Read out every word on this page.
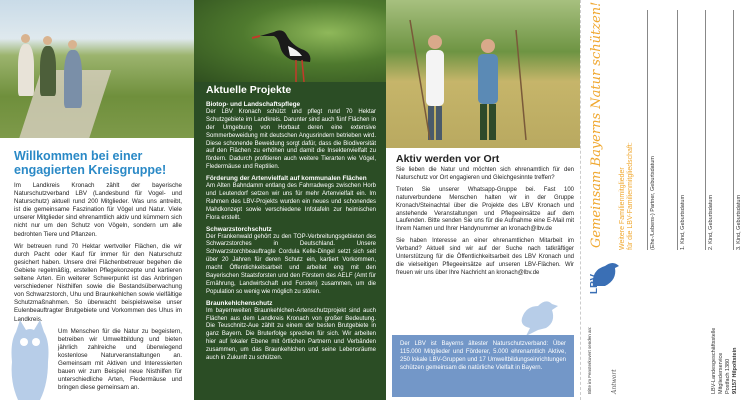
Willkommen bei einer
engagierten Kreisgruppe!

Im Landkreis Kronach zählt der bayerische Naturschutzverband LBV (Landesbund für Vogel- und Naturschutz) aktuell rund 200 Mitglieder. Was uns antreibt, ist die gemeinsame Faszination für Vögel und Natur. Viele unserer Mitglieder sind ehrenamtlich aktiv und kümmern sich nicht nur um den Schutz von Vögeln, sondern um alle bedrohten Tiere und Pflanzen.

Wir betreuen rund 70 Hektar wertvoller Flächen, die wir durch Pacht oder Kauf für immer für den Naturschutz gesichert haben. Unsere drei Flächenbetreuer begehen die Gebiete regelmäßig, erstellen Pflegekonzepte und kartieren seltene Arten. Ein weiterer Schwerpunkt ist das Anbringen verschiedener Nisthilfen sowie die Bestandsüberwachung von Schwarzstorch, Uhu und Braunkehlchen sowie vielfältige Schutzmaßnahmen. So überwacht beispielsweise unser Eulenbeauftragter Brutgebiete und Vorkommen des Uhus im Landkreis.

Um Menschen für die Natur zu begeistern, betreiben wir Umweltbildung und bieten jährlich zahlreiche und überwiegend kostenlose Naturveranstaltungen an. Gemeinsam mit Aktiven und Interessierten bauen wir zum Beispiel neue Nisthilfen für unterschiedliche Arten, Fledermäuse und bringen diese gemeinsam an.

Aktuelle Projekte
Biotop- und Landschaftspflege

Der LBV Kronach schützt und pflegt rund 70 Hektar Schutzgebiete im Landkreis. Darunter sind auch fünf Flächen in der Umgebung von Horbaut deren eine extensive Sommerbeweidung mit deutschen Angusrindern betrieben wird. Diese schonende Beweidung sorgt dafür, dass die Biodiversität auf den Flächen zu erhöhen und damit die Insektenvielfalt zu fördern. Dadurch profitieren auch weitere Tierarten wie Vögel, Fledermäuse und Reptilien.

Förderung der Artenvielfalt auf kommunalen Flächen

Am Alten Bahndamm entlang des Fahrradwegs zwischen Horb und Leutendorf setzen wir uns für mehr Artenvielfalt ein. Im Rahmen des LBV-Projekts wurden ein neues und schonendes Mahdkonzept sowie verschiedene Infotafeln zur heimischen Flora erstellt.

Schwarzstorchschutz

Der Frankenwald gehört zu den TOP-Verbreitungsgebieten des Schwarzstorches in Deutschland. Unsere Schwarzstorchbeauftragte Cordula Kelle-Dingel setzt sich seit über 20 Jahren für deren Schutz ein, kartiert Vorkommen, macht Öffentlichkeitsarbeit und arbeitet eng mit den Bayerischen Staatsforsten und den Förstern des AELF (Amt für Ernährung, Landwirtschaft und Forsten) zusammen, um die Population so wenig wie möglich zu stören.

Braunkehlchenschutz

Im bayernweiten Braunkehlchen-Artenschutzprojekt sind auch Flächen aus dem Landkreis Kronach von großer Bedeutung. Die Teuschnitz-Aue zählt zu einem der besten Brutgebiete in ganz Bayern. Die Bruterfolge sprechen für sich. Wir arbeiten hier auf lokaler Ebene mit örtlichen Partnern und Verbänden zusammen, um das Braunkehlchen und seine Lebensräume auch in Zukunft zu schützen.

Aktiv werden vor Ort

Sie lieben die Natur und möchten sich ehrenamtlich für den Naturschutz vor Ort engagieren und Gleichgesinnte treffen?

Treten Sie unserer Whatsapp-Gruppe bei. Fast 100 naturverbundene Menschen halten wir in der Gruppe Kronach/Steinachtal über die Projekte des LBV Kronach und anstehende Veranstaltungen und Pflegeeinsätze auf dem Laufenden. Bitte senden Sie uns für die Aufnahme eine E-Mail mit Ihrem Namen und Ihrer Handynummer an kronach@lbv.de

Sie haben Interesse an einer ehrenamtlichen Mitarbeit im Verband? Aktuell sind wir auf der Suche nach tatkräftiger Unterstützung für die Öffentlichkeitsarbeit des LBV Kronach und die vielseitigen Pflegeeinsätze auf unseren LBV-Flächen. Wir freuen wir uns über Ihre Nachricht an kronach@lbv.de

Der LBV ist Bayerns ältester Naturschutzverband: Über 115.000 Mitglieder und Förderer, 5.000 ehrenamtlich Aktive, 250 lokale LBV-Gruppen und 17 Umweltbildungseinrichtungen schützen gemeinsam die natürliche Vielfalt in Bayern.	Bitte im Fensterkuvert senden an:
Gemeinsam Bayerns Natur schützen! Weitere Familienmitglieder für die LBV-Familienmitgliedschaft:	(Ehe-/Lebens-) Partner, Geburtsdatum	1. Kind, Geburtsdatum	2. Kind, Geburtsdatum	3. Kind, Geburtsdatum
Antwort	LBV-Landesgeschäftsstelle
Mitgliederservice
Postfach 1380
91157 Hilpoltstein
LBV
